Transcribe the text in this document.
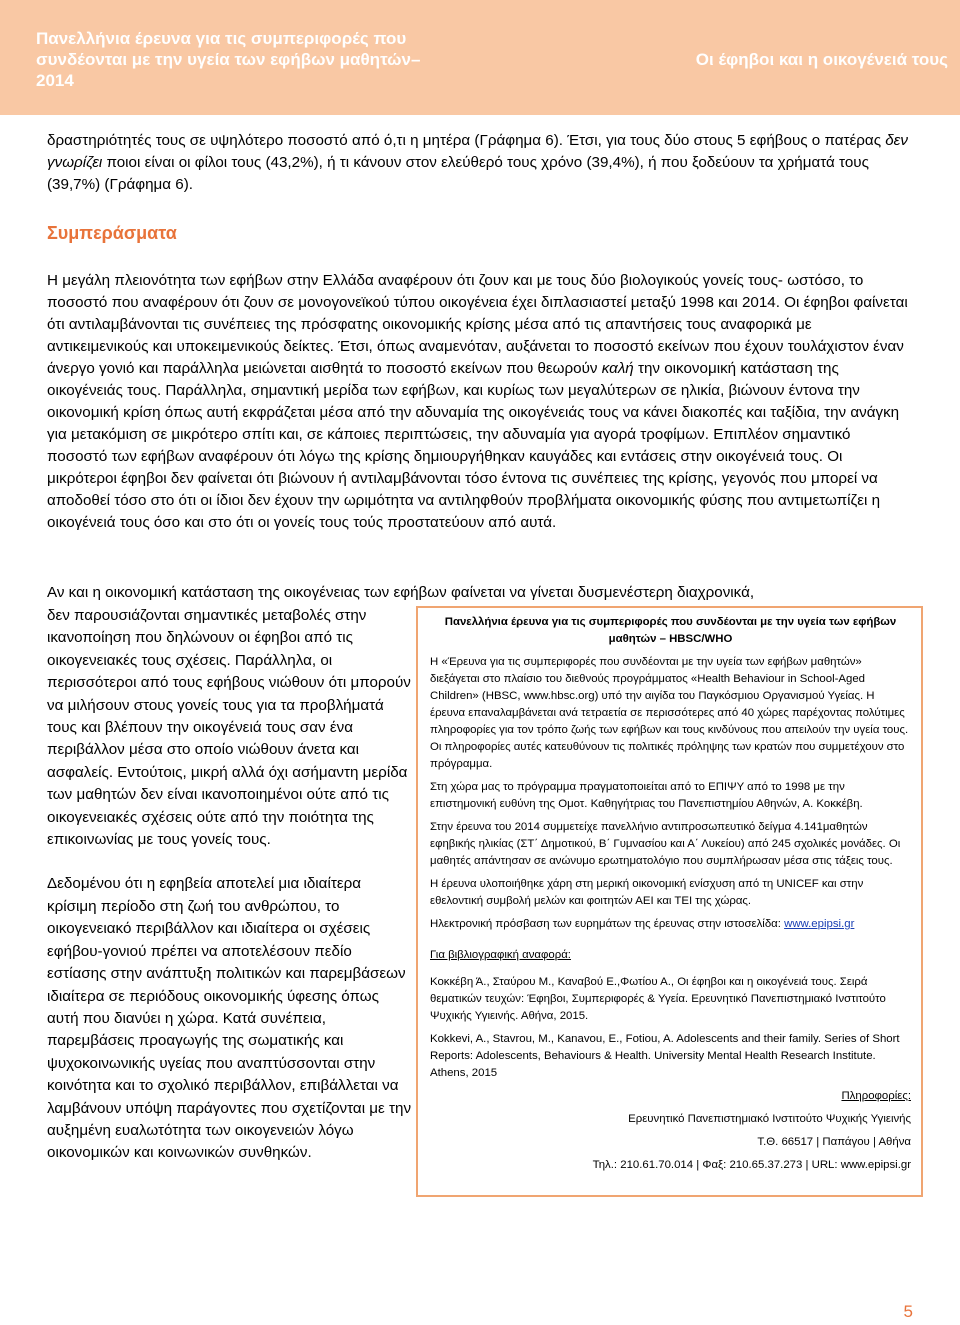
Πανελλήνια έρευνα για τις συμπεριφορές που συνδέονται με την υγεία των εφήβων μαθητών– 2014
Οι έφηβοι και η οικογένειά τους

δραστηριότητές τους σε υψηλότερο ποσοστό από ό,τι η μητέρα (Γράφημα 6). Έτσι, για τους δύο στους 5 εφήβους ο πατέρας δεν γνωρίζει ποιοι είναι οι φίλοι τους (43,2%), ή τι κάνουν στον ελεύθερό τους χρόνο (39,4%), ή που ξοδεύουν τα χρήματά τους (39,7%) (Γράφημα 6).

Συμπεράσματα

Η μεγάλη πλειονότητα των εφήβων στην Ελλάδα αναφέρουν ότι ζουν και με τους δύο βιολογικούς γονείς τους- ωστόσο, το ποσοστό που αναφέρουν ότι ζουν σε μονογονεϊκού τύπου οικογένεια έχει διπλασιαστεί μεταξύ 1998 και 2014. Οι έφηβοι φαίνεται ότι αντιλαμβάνονται τις συνέπειες της πρόσφατης οικονομικής κρίσης μέσα από τις απαντήσεις τους αναφορικά με αντικειμενικούς και υποκειμενικούς δείκτες. Έτσι, όπως αναμενόταν, αυξάνεται το ποσοστό εκείνων που έχουν τουλάχιστον έναν άνεργο γονιό και παράλληλα μειώνεται αισθητά το ποσοστό εκείνων που θεωρούν καλή την οικονομική κατάσταση της οικογένειάς τους. Παράλληλα, σημαντική μερίδα των εφήβων, και κυρίως των μεγαλύτερων σε ηλικία, βιώνουν έντονα την οικονομική κρίση όπως αυτή εκφράζεται μέσα από την αδυναμία της οικογένειάς τους να κάνει διακοπές και ταξίδια, την ανάγκη για μετακόμιση σε μικρότερο σπίτι και, σε κάποιες περιπτώσεις, την αδυναμία για αγορά τροφίμων. Επιπλέον σημαντικό ποσοστό των εφήβων αναφέρουν ότι λόγω της κρίσης δημιουργήθηκαν καυγάδες και εντάσεις στην οικογένειά τους. Οι μικρότεροι έφηβοι δεν φαίνεται ότι βιώνουν ή αντιλαμβάνονται τόσο έντονα τις συνέπειες της κρίσης, γεγονός που μπορεί να αποδοθεί τόσο στο ότι οι ίδιοι δεν έχουν την ωριμότητα να αντιληφθούν προβλήματα οικονομικής φύσης που αντιμετωπίζει η οικογένειά τους όσο και στο ότι οι γονείς τους τούς προστατεύουν από αυτά.

Αν και η οικονομική κατάσταση της οικογένειας των εφήβων φαίνεται να γίνεται δυσμενέστερη διαχρονικά,

δεν παρουσιάζονται σημαντικές μεταβολές στην ικανοποίηση που δηλώνουν οι έφηβοι από τις οικογενειακές τους σχέσεις. Παράλληλα, οι περισσότεροι από τους εφήβους νιώθουν ότι μπορούν να μιλήσουν στους γονείς τους για τα προβλήματά τους και βλέπουν την οικογένειά τους σαν ένα περιβάλλον μέσα στο οποίο νιώθουν άνετα και ασφαλείς. Εντούτοις, μικρή αλλά όχι ασήμαντη μερίδα των μαθητών δεν είναι ικανοποιημένοι ούτε από τις οικογενειακές σχέσεις ούτε από την ποιότητα της επικοινωνίας με τους γονείς τους.

Δεδομένου ότι η εφηβεία αποτελεί μια ιδιαίτερα κρίσιμη περίοδο στη ζωή του ανθρώπου, το οικογενειακό περιβάλλον και ιδιαίτερα οι σχέσεις εφήβου-γονιού πρέπει να αποτελέσουν πεδίο εστίασης στην ανάπτυξη πολιτικών και παρεμβάσεων ιδιαίτερα σε περιόδους οικονομικής ύφεσης όπως αυτή που διανύει η χώρα. Κατά συνέπεια, παρεμβάσεις προαγωγής της σωματικής και ψυχοκοινωνικής υγείας που αναπτύσσονται στην κοινότητα και το σχολικό περιβάλλον, επιβάλλεται να λαμβάνουν υπόψη παράγοντες που σχετίζονται με την αυξημένη ευαλωτότητα των οικογενειών λόγω οικονομικών και κοινωνικών συνθηκών.

Πανελλήνια έρευνα για τις συμπεριφορές που συνδέονται με την υγεία των εφήβων μαθητών – HBSC/WHO

Η «Έρευνα για τις συμπεριφορές που συνδέονται με την υγεία των εφήβων μαθητών» διεξάγεται στο πλαίσιο του διεθνούς προγράμματος «Health Behaviour in School-Aged Children» (HBSC, www.hbsc.org) υπό την αιγίδα του Παγκόσμιου Οργανισμού Υγείας. Η έρευνα επαναλαμβάνεται ανά τετραετία σε περισσότερες από 40 χώρες παρέχοντας πολύτιμες πληροφορίες για τον τρόπο ζωής των εφήβων και τους κινδύνους που απειλούν την υγεία τους. Οι πληροφορίες αυτές κατευθύνουν τις πολιτικές πρόληψης των κρατών που συμμετέχουν στο πρόγραμμα.

Στη χώρα μας το πρόγραμμα πραγματοποιείται από το ΕΠΙΨΥ από το 1998 με την επιστημονική ευθύνη της Ομοτ. Καθηγήτριας του Πανεπιστημίου Αθηνών, Α. Κοκκέβη.

Στην έρευνα του 2014 συμμετείχε πανελλήνιο αντιπροσωπευτικό δείγμα 4.141μαθητών εφηβικής ηλικίας (ΣΤ΄ Δημοτικού, Β΄ Γυμνασίου και Α΄ Λυκείου) από 245 σχολικές μονάδες. Οι μαθητές απάντησαν σε ανώνυμο ερωτηματολόγιο που συμπλήρωσαν μέσα στις τάξεις τους.

Η έρευνα υλοποιήθηκε χάρη στη μερική οικονομική ενίσχυση από τη UNICEF και στην εθελοντική συμβολή μελών και φοιτητών ΑΕΙ και ΤΕΙ της χώρας.

Ηλεκτρονική πρόσβαση των ευρημάτων της έρευνας στην ιστοσελίδα: www.epipsi.gr

Για βιβλιογραφική αναφορά:

Κοκκέβη Ά., Σταύρου Μ., Καναβού Ε.,Φωτίου Α., Οι έφηβοι και η οικογένειά τους. Σειρά θεματικών τευχών: Έφηβοι, Συμπεριφορές & Υγεία. Ερευνητικό Πανεπιστημιακό Ινστιτούτο Ψυχικής Υγιεινής. Αθήνα, 2015.

Kokkevi, A., Stavrou, M., Kanavou, E., Fotiou, A. Adolescents and their family. Series of Short Reports: Adolescents, Behaviours & Health. University Mental Health Research Institute. Athens, 2015

Πληροφορίες:

Ερευνητικό Πανεπιστημιακό Ινστιτούτο Ψυχικής Υγιεινής

Τ.Θ. 66517 | Παπάγου | Αθήνα

Τηλ.: 210.61.70.014 | Φαξ: 210.65.37.273 | URL: www.epipsi.gr

5
